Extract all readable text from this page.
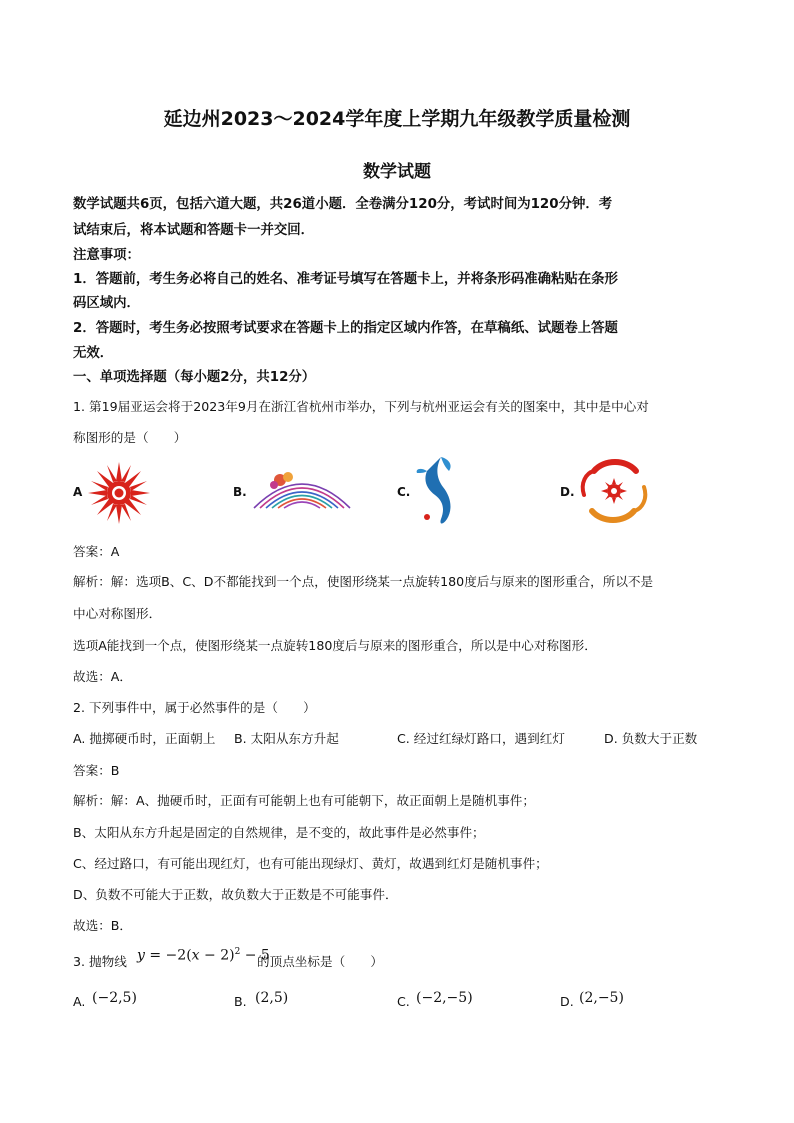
延边州2023～2024学年度上学期九年级教学质量检测
数学试题
数学试题共6页，包括六道大题，共26道小题．全卷满分120分，考试时间为120分钟．考
试结束后，将本试题和答题卡一并交回．
注意事项：
1．答题前，考生务必将自己的姓名、准考证号填写在答题卡上，并将条形码准确粘贴在条形
码区域内．
2．答题时，考生务必按照考试要求在答题卡上的指定区域内作答，在草稿纸、试题卷上答题
无效．
一、单项选择题（每小题2分，共12分）
1. 第19届亚运会将于2023年9月在浙江省杭州市举办，下列与杭州亚运会有关的图案中，其中是中心对
称图形的是（　　）
A	B.	C.	D.
答案：A
解析：解：选项B、C、D不都能找到一个点，使图形绕某一点旋转180度后与原来的图形重合，所以不是
中心对称图形．
选项A能找到一个点，使图形绕某一点旋转180度后与原来的图形重合，所以是中心对称图形．
故选：A．
2. 下列事件中，属于必然事件的是（　　）
A. 抛掷硬币时，正面朝上 B. 太阳从东方升起	C. 经过红绿灯路口，遇到红灯	D. 负数大于正数
答案：B
解析：解：A、抛硬币时，正面有可能朝上也有可能朝下，故正面朝上是随机事件；
B、太阳从东方升起是固定的自然规律，是不变的，故此事件是必然事件；
C、经过路口，有可能出现红灯，也有可能出现绿灯、黄灯，故遇到红灯是随机事件；
D、负数不可能大于正数，故负数大于正数是不可能事件．
故选：B．
3. 抛物线 $y = -2(x - 2)^2 - 5$
的顶点坐标是（　　）
A. (−2,5)	B. (2,5)	C. (−2,−5)	D. (2,−5)
